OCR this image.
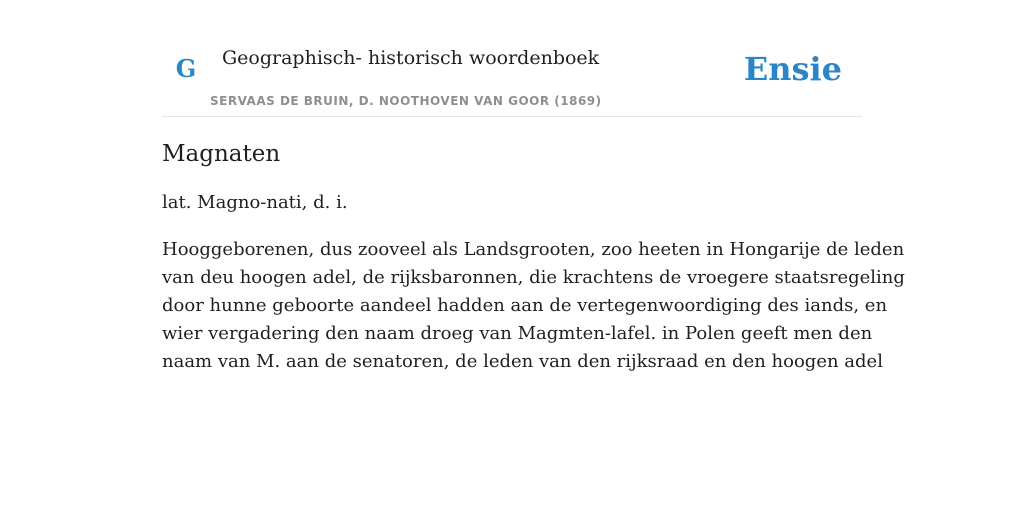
G	Geographisch- historisch woordenboek
SERVAAS DE BRUIN, D. NOOTHOVEN VAN GOOR (1869)
Ensie
Magnaten

lat. Magno-nati, d. i.

Hooggeborenen, dus zooveel als Landsgrooten, zoo heeten in Hongarije de leden
van deu hoogen adel, de rijksbaronnen, die krachtens de vroegere staatsregeling
door hunne geboorte aandeel hadden aan de vertegenwoordiging des iands, en
wier vergadering den naam droeg van Magmten-lafel. in Polen geeft men den
naam van M. aan de senatoren, de leden van den rijksraad en den hoogen adel
